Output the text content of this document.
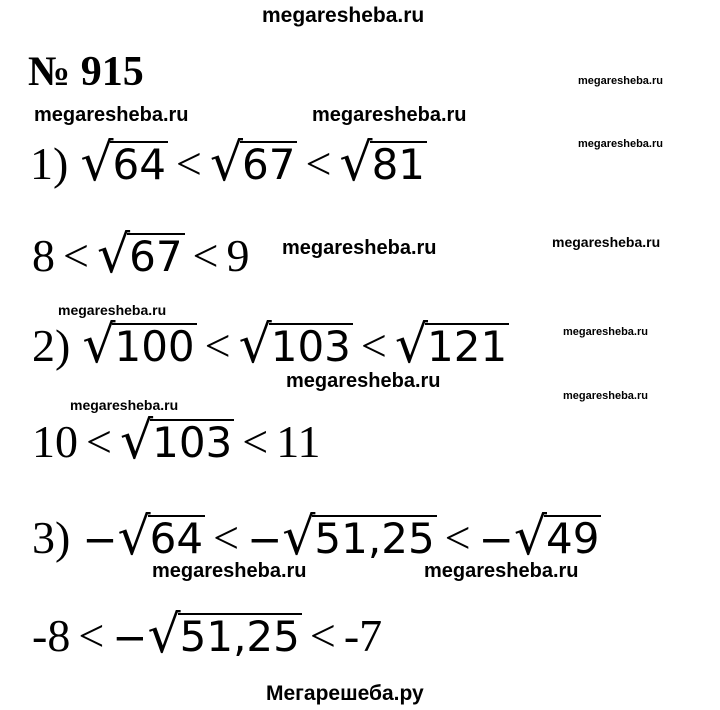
megaresheba.ru
megaresheba.ru
megaresheba.ru	megaresheba.ru
megaresheba.ru
megaresheba.ru	megaresheba.ru
megaresheba.ru
megaresheba.ru
megaresheba.ru
megaresheba.ru
megaresheba.ru
megaresheba.ru	megaresheba.ru
Мегарешеба.ру
№ 915
1) √ 64 < √ 67 < √ 81
8 < √ 67 < 9
2) √ 100 < √ 103 < √ 121
10 < √ 103 < 11
3) − √ 64 < − √ 51,25 < − √ 49
-8 < − √ 51,25 < -7
